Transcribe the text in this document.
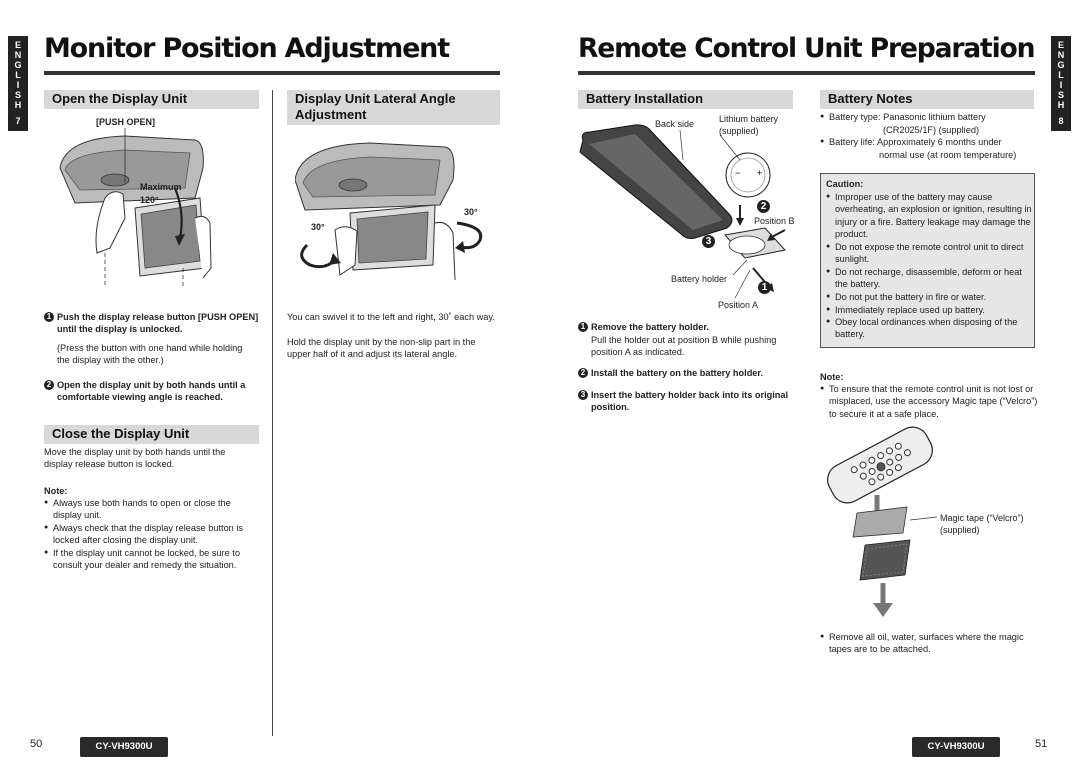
E
N
G
L
I
S
H
7
E
N
G
L
I
S
H
8
Monitor Position Adjustment	Remote Control Unit Preparation
Open the Display Unit
[PUSH OPEN]
Maximum
120°
1 Push the display release button [PUSH OPEN] until the display is unlocked.
(Press the button with one hand while holding the display with the other.)
2 Open the display unit by both hands until a comfortable viewing angle is reached.
Close the Display Unit
Move the display unit by both hands until the display release button is locked.
Note:
● Always use both hands to open or close the display unit.
● Always check that the display release button is locked after closing the display unit.
● If the display unit cannot be locked, be sure to consult your dealer and remedy the situation.
Display Unit Lateral Angle Adjustment
30°
30°
You can swivel it to the left and right, 30˚ each way.
Hold the display unit by the non-slip part in the upper half of it and adjust its lateral angle.
Battery Installation
− +
Back side	Lithium battery
(supplied)
Position B
Battery holder
Position A
2
3
1
1 Remove the battery holder.
Pull the holder out at position B while pushing position A as indicated.
2 Install the battery on the battery holder.
3 Insert the battery holder back into its original position.
Battery Notes
● Battery type: Panasonic lithium battery
(CR2025/1F) (supplied)
● Battery life: Approximately 6 months under
normal use (at room temperature)
Caution:
● Improper use of the battery may cause overheating, an explosion or ignition, resulting in injury or a fire. Battery leakage may damage the product.
● Do not expose the remote control unit to direct sunlight.
● Do not recharge, disassemble, deform or heat the battery.
● Do not put the battery in fire or water.
● Immediately replace used up battery.
● Obey local ordinances when disposing of the battery.
Note:
● To ensure that the remote control unit is not lost or misplaced, use the accessory Magic tape (“Velcro”) to secure it at a safe place.
Magic tape (“Velcro”)
(supplied)
● Remove all oil, water, surfaces where the magic tapes are to be attached.
50	CY-VH9300U	CY-VH9300U	51
